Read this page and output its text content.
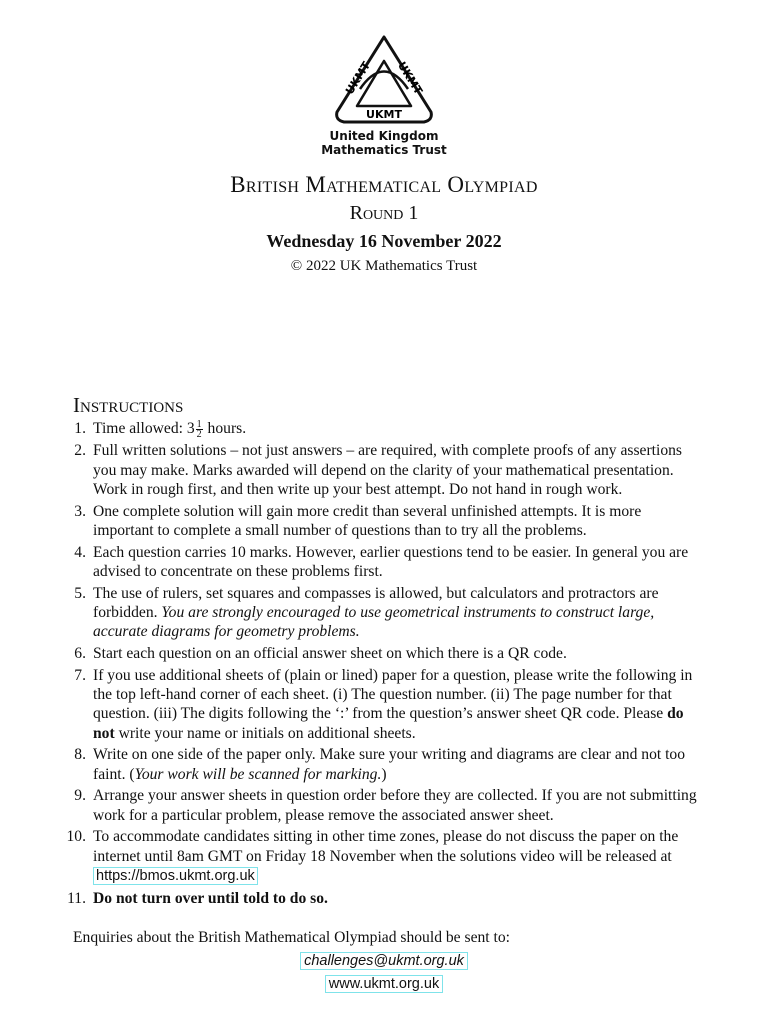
UKMT UKMT
UKMT
United Kingdom
Mathematics Trust
British Mathematical Olympiad
Round 1
Wednesday 16 November 2022
© 2022 UK Mathematics Trust
Instructions
1. Time allowed: $3 \frac{1}{2}$ hours.
2. Full written solutions – not just answers – are required, with complete proofs of any assertions you may make. Marks awarded will depend on the clarity of your mathematical presentation. Work in rough first, and then write up your best attempt. Do not hand in rough work.
3. One complete solution will gain more credit than several unfinished attempts. It is more important to complete a small number of questions than to try all the problems.
4. Each question carries 10 marks. However, earlier questions tend to be easier. In general you are advised to concentrate on these problems first.
5. The use of rulers, set squares and compasses is allowed, but calculators and protractors are forbidden. You are strongly encouraged to use geometrical instruments to construct large, accurate diagrams for geometry problems.
6. Start each question on an official answer sheet on which there is a QR code.
7. If you use additional sheets of (plain or lined) paper for a question, please write the following in the top left-hand corner of each sheet. (i) The question number. (ii) The page number for that question. (iii) The digits following the ‘:’ from the question’s answer sheet QR code. Please do not write your name or initials on additional sheets.
8. Write on one side of the paper only. Make sure your writing and diagrams are clear and not too faint. (Your work will be scanned for marking.)
9. Arrange your answer sheets in question order before they are collected. If you are not submitting work for a particular problem, please remove the associated answer sheet.
10. To accommodate candidates sitting in other time zones, please do not discuss the paper on the internet until 8am GMT on Friday 18 November when the solutions video will be released at https://bmos.ukmt.org.uk
11. Do not turn over until told to do so.
Enquiries about the British Mathematical Olympiad should be sent to:
challenges@ukmt.org.uk
www.ukmt.org.uk
